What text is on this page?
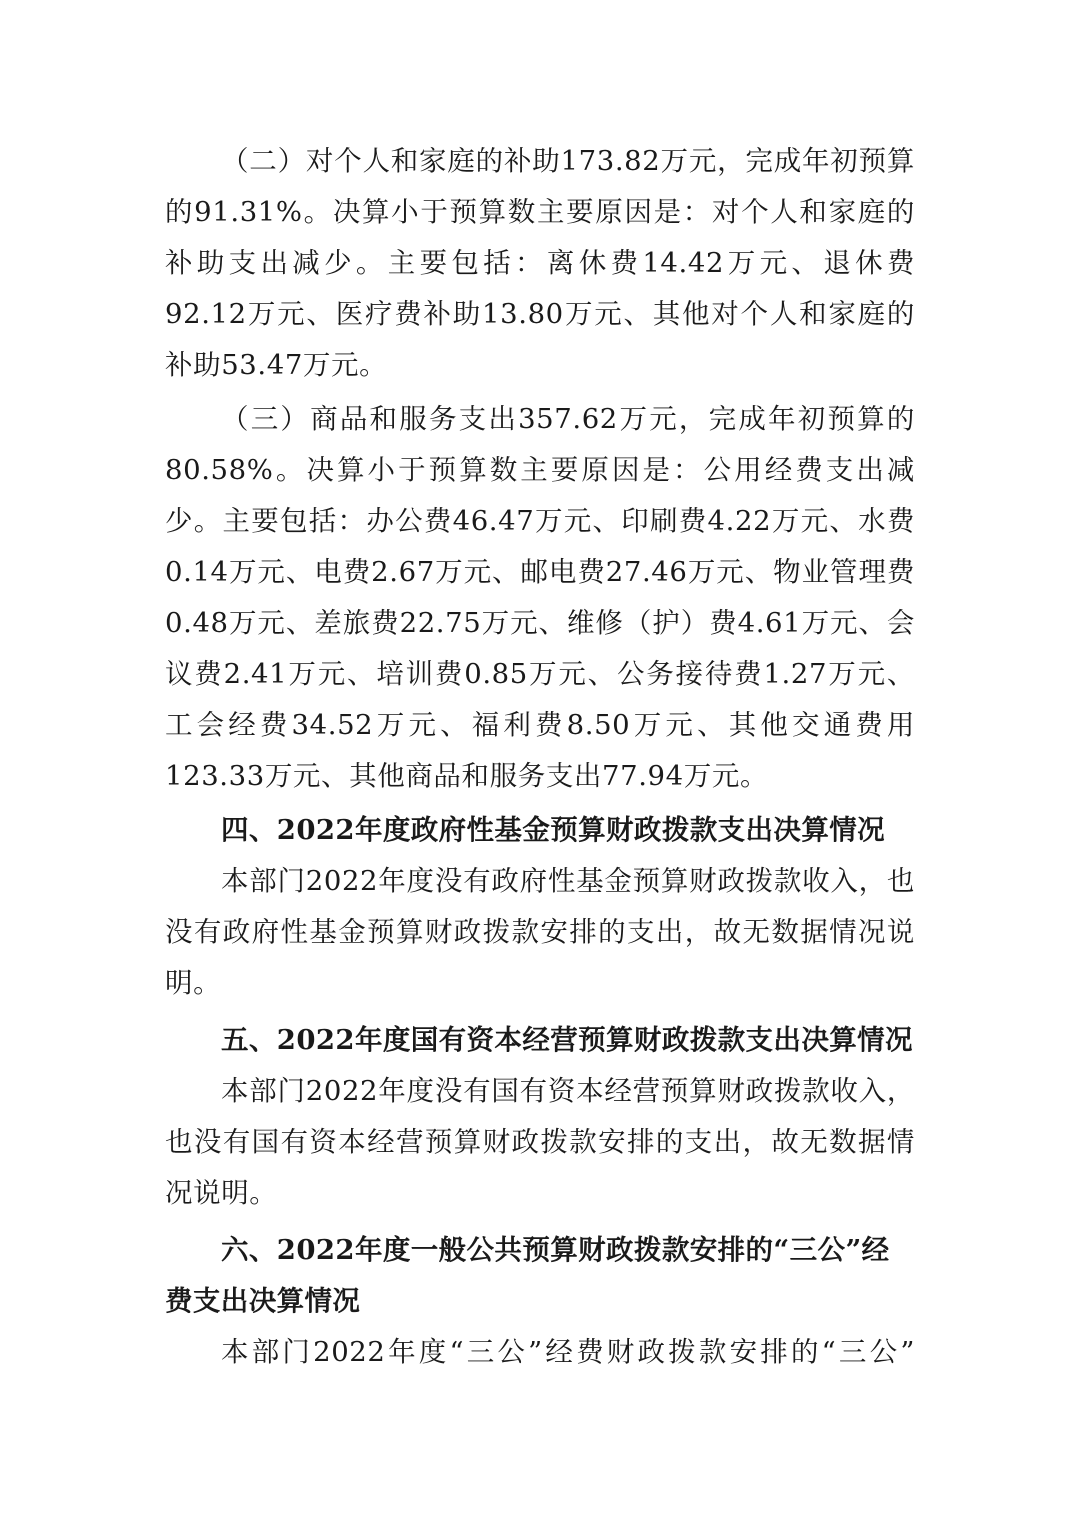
（二）对个人和家庭的补助173.82万元，完成年初预算的91.31%。决算小于预算数主要原因是：对个人和家庭的补助支出减少。主要包括：离休费14.42万元、退休费92.12万元、医疗费补助13.80万元、其他对个人和家庭的补助53.47万元。

（三）商品和服务支出357.62万元，完成年初预算的80.58%。决算小于预算数主要原因是：公用经费支出减少。主要包括：办公费46.47万元、印刷费4.22万元、水费0.14万元、电费2.67万元、邮电费27.46万元、物业管理费0.48万元、差旅费22.75万元、维修（护）费4.61万元、会议费2.41万元、培训费0.85万元、公务接待费1.27万元、工会经费34.52万元、福利费8.50万元、其他交通费用123.33万元、其他商品和服务支出77.94万元。

四、2022年度政府性基金预算财政拨款支出决算情况

本部门2022年度没有政府性基金预算财政拨款收入，也没有政府性基金预算财政拨款安排的支出，故无数据情况说明。

五、2022年度国有资本经营预算财政拨款支出决算情况

本部门2022年度没有国有资本经营预算财政拨款收入，也没有国有资本经营预算财政拨款安排的支出，故无数据情况说明。

六、2022年度一般公共预算财政拨款安排的“三公”经费支出决算情况

本部门2022年度“三公”经费财政拨款安排的“三公”
